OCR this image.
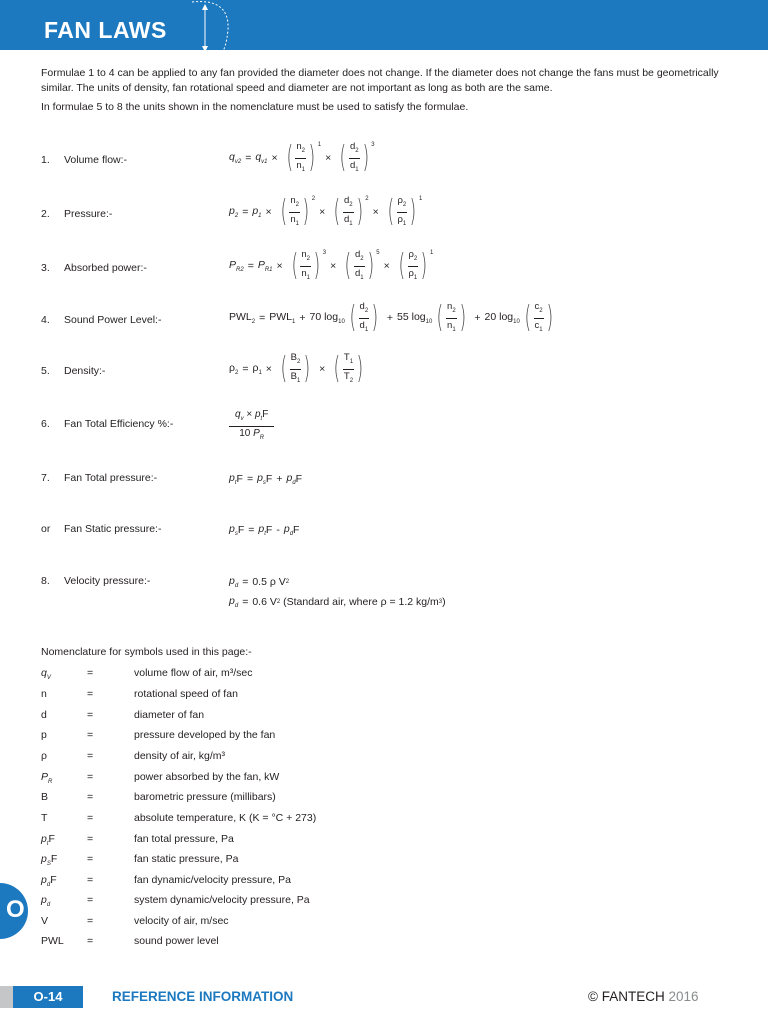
FAN LAWS
Formulae 1 to 4 can be applied to any fan provided the diameter does not change. If the diameter does not change the fans must be geometrically similar. The units of density, fan rotational speed and diameter are not important as long as both are the same.
In formulae 5 to 8 the units shown in the nomenclature must be used to satisfy the formulae.
1. Volume flow:-	$q_{v2} = q_{v1}$ × ( $\frac{n_2}{n_1}$ ) 1
× ( $\frac{d_2}{d_1}$ ) 3
2. Pressure:-	$p_2 = p_1$ × ( $\frac{n_2}{n_1}$ ) 2
× ( $\frac{d_2}{d_1}$ ) 2
× ( $\frac{\rho_2}{\rho_1}$ ) 1
3. Absorbed power:-	$P_{R2} = P_{R1}$ × ( $\frac{n_2}{n_1}$ ) 3
× ( $\frac{d_2}{d_1}$ ) 5
× ( $\frac{\rho_2}{\rho_1}$ ) 1
4. Sound Power Level:-	$PWL_2 = PWL_1 + 70$ $\log_{10}$ ( $\frac{d_2}{d_1}$ ) + 55 $\log_{10}$ ( $\frac{n_2}{n_1}$ ) + 20 $\log_{10}$ ( $\frac{c_2}{c_1}$ )
5. Density:-	$\rho_2 = \rho_1$ × ( $\frac{B_2}{B_1}$ ) × ( $\frac{T_1}{T_2}$ )
6. Fan Total Efficiency %:-	$\frac{q_v \times p_tF}{10 P_R}$
7. Fan Total pressure:-	$p_t$ $F = p_s$ $F + p_d$ F
or Fan Static pressure:-	$p_s$ $F = p_t$ F - $p_d$ F
8. Velocity pressure:-	$p_d = 0.5$ ρ V 2
$p_d = 0.6$ V 2 (Standard air, where ρ = 1.2 kg/m 3 )
Nomenclature for symbols used in this page:-
$q_V$	=	volume flow of air, m³/sec
n	=	rotational speed of fan
d	=	diameter of fan
p	=	pressure developed by the fan
ρ	=	density of air, kg/m³
$P_R$	=	power absorbed by the fan, kW
B	=	barometric pressure (millibars)
T	=	absolute temperature, K (K = °C + 273)
$p_tF$	=	fan total pressure, Pa
$p_SF$	=	fan static pressure, Pa
$p_dF$	=	fan dynamic/velocity pressure, Pa
$p_d$	=	system dynamic/velocity pressure, Pa
V	=	velocity of air, m/sec
PWL =	sound power level
O
O-14	REFERENCE INFORMATION	© FANTECH 2016
